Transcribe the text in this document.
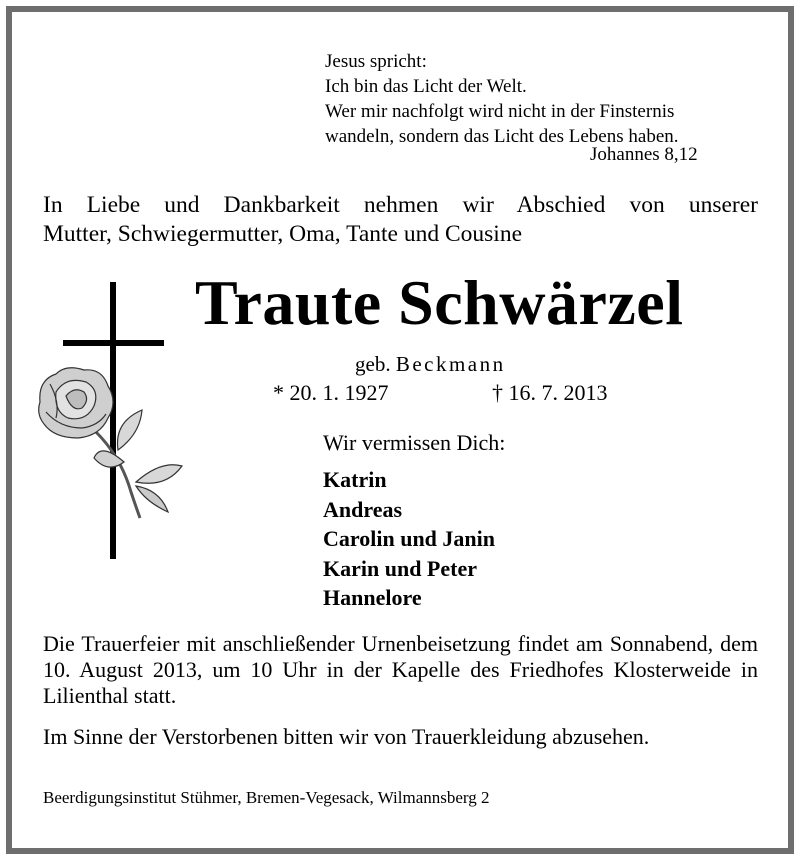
Jesus spricht:
Ich bin das Licht der Welt.
Wer mir nachfolgt wird nicht in der Finsternis
wandeln, sondern das Licht des Lebens haben.
Johannes 8,12
In Liebe und Dankbarkeit nehmen wir Abschied von unserer
Mutter, Schwiegermutter, Oma, Tante und Cousine
Traute Schwärzel
geb. Beckmann
* 20. 1. 1927	† 16. 7. 2013
Wir vermissen Dich:
Katrin
Andreas
Carolin und Janin
Karin und Peter
Hannelore
Die Trauerfeier mit anschließender Urnenbeisetzung findet am Sonnabend, dem 10. August 2013, um 10 Uhr in der Kapelle des Friedhofes Klosterweide in Lilienthal statt.
Im Sinne der Verstorbenen bitten wir von Trauerkleidung abzusehen.
Beerdigungsinstitut Stühmer, Bremen-Vegesack, Wilmannsberg 2
